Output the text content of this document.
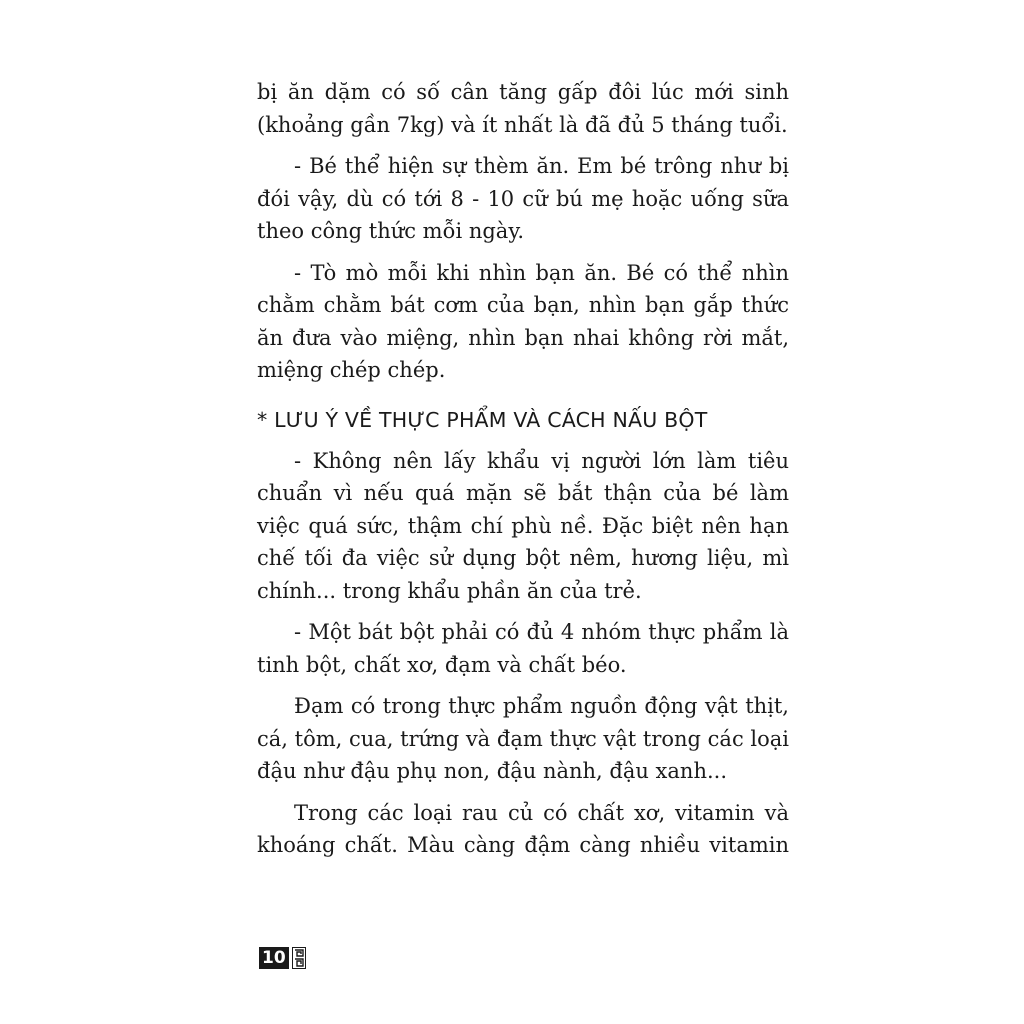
bị ăn dặm có số cân tăng gấp đôi lúc mới sinh (khoảng gần 7kg) và ít nhất là đã đủ 5 tháng tuổi.

- Bé thể hiện sự thèm ăn. Em bé trông như bị đói vậy, dù có tới 8 - 10 cữ bú mẹ hoặc uống sữa theo công thức mỗi ngày.

- Tò mò mỗi khi nhìn bạn ăn. Bé có thể nhìn chằm chằm bát cơm của bạn, nhìn bạn gắp thức ăn đưa vào miệng, nhìn bạn nhai không rời mắt, miệng chép chép.

* LƯU Ý VỀ THỰC PHẨM VÀ CÁCH NẤU BỘT

- Không nên lấy khẩu vị người lớn làm tiêu chuẩn vì nếu quá mặn sẽ bắt thận của bé làm việc quá sức, thậm chí phù nề. Đặc biệt nên hạn chế tối đa việc sử dụng bột nêm, hương liệu, mì chính... trong khẩu phần ăn của trẻ.

- Một bát bột phải có đủ 4 nhóm thực phẩm là tinh bột, chất xơ, đạm và chất béo.

Đạm có trong thực phẩm nguồn động vật thịt, cá, tôm, cua, trứng và đạm thực vật trong các loại đậu như đậu phụ non, đậu nành, đậu xanh...

Trong các loại rau củ có chất xơ, vitamin và khoáng chất. Màu càng đậm càng nhiều vitamin

10
